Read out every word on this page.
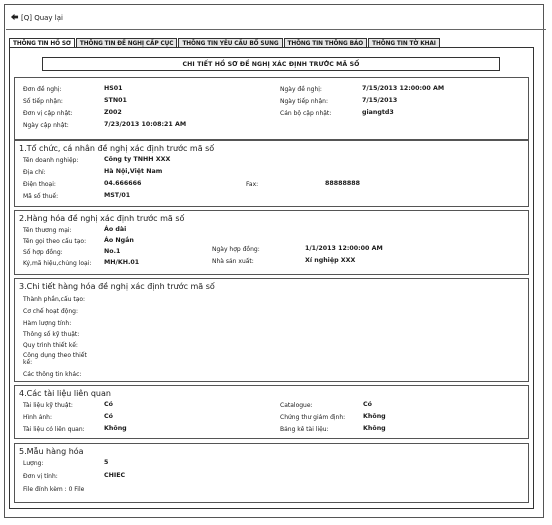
[Q] Quay lại
THÔNG TIN HỒ SƠ	THÔNG TIN ĐỀ NGHỊ CẤP CỤC	THÔNG TIN YÊU CẦU BỔ SUNG	THÔNG TIN THÔNG BÁO	THÔNG TIN TỜ KHAI
CHI TIẾT HỒ SƠ ĐỀ NGHỊ XÁC ĐỊNH TRƯỚC MÃ SỐ
Đơn đề nghị:	HS01
Số tiếp nhận:	STN01
Đơn vị cập nhật:	Z002
Ngày cập nhật:	7/23/2013 10:08:21 AM
Ngày đề nghị:	7/15/2013 12:00:00 AM
Ngày tiếp nhận:	7/15/2013
Cán bộ cập nhật:	giangtd3
1.Tổ chức, cá nhân đề nghị xác định trước mã số
Tên doanh nghiệp:	Công ty TNHH XXX
Địa chỉ:	Hà Nội,Việt Nam
Điện thoại:	04.666666	Fax:	88888888
Mã số thuế:	MST/01
2.Hàng hóa đề nghị xác định trước mã số
Tên thương mại:	Áo dài
Tên gọi theo cấu tạo:	Áo Ngắn
Số hợp đồng:	No.1
Ký,mã hiệu,chủng loại: MH/KH.01
Ngày hợp đồng:	1/1/2013 12:00:00 AM
Nhà sản xuất:	Xí nghiệp XXX
3.Chi tiết hàng hóa đề nghị xác định trước mã số
Thành phần,cấu tạo:
Cơ chế hoạt động:
Hàm lượng tính:
Thông số kỹ thuật:
Quy trình thiết kế:
Công dụng theo thiết
kế:
Các thông tin khác:
4.Các tài liệu liên quan
Tài liệu kỹ thuật:	Có
Hình ảnh:	Có
Tài liệu có liên quan:	Không
Catalogue:	Có
Chứng thư giám định:	Không
Bảng kê tài liệu:	Không
5.Mẫu hàng hóa
Lượng:	5
Đơn vị tính:	CHIEC
File đính kèm : 0 File
